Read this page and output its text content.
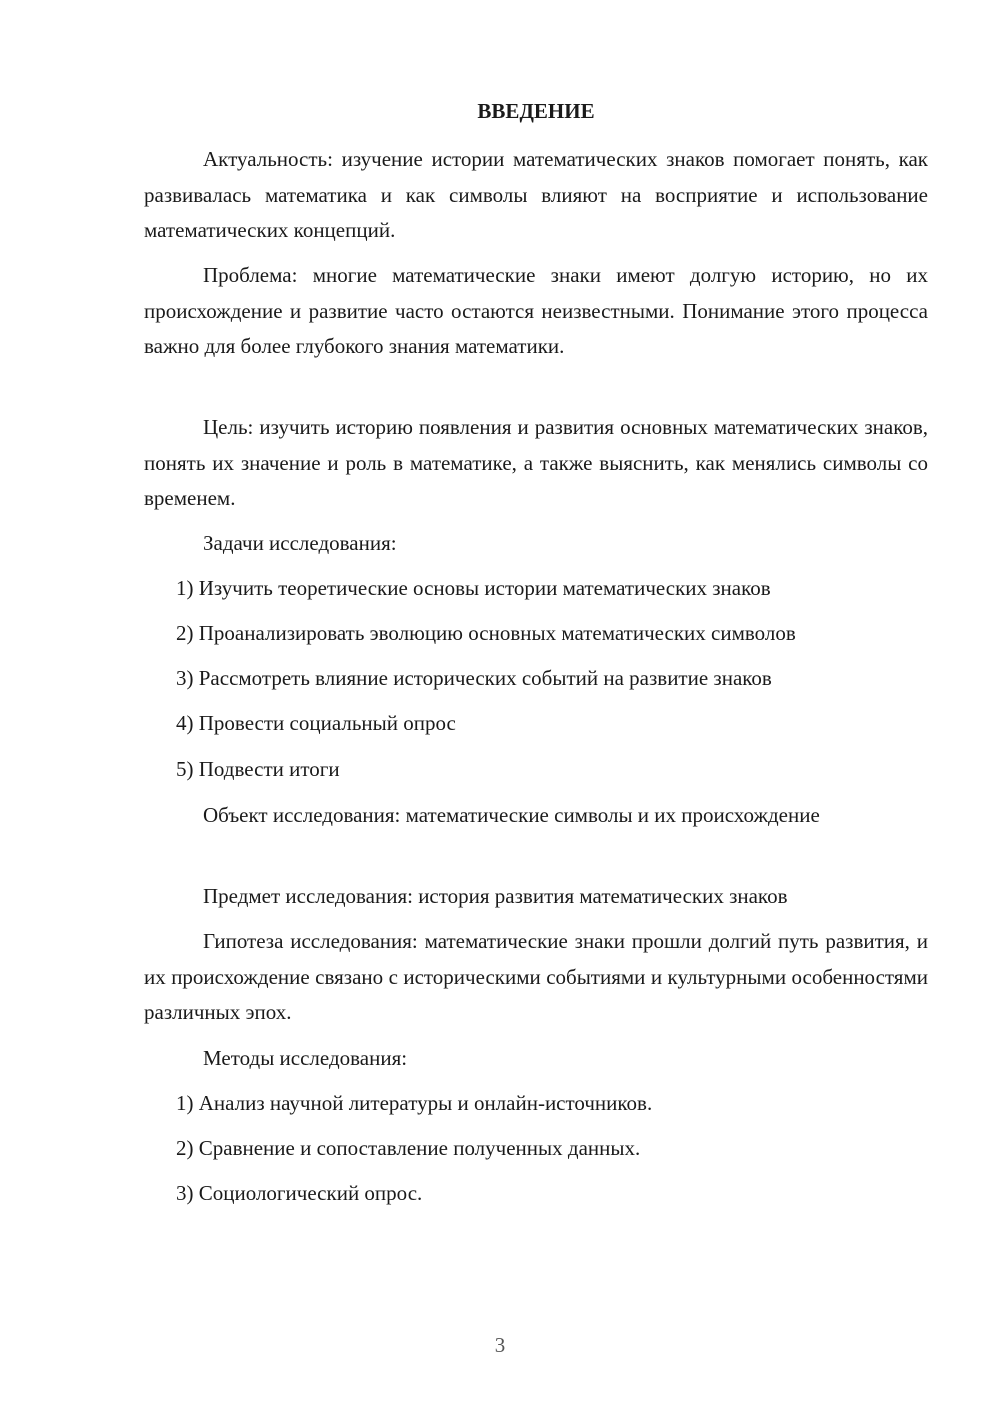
ВВЕДЕНИЕ

Актуальность: изучение истории математических знаков помогает понять, как развивалась математика и как символы влияют на восприятие и использование математических концепций.

Проблема: многие математические знаки имеют долгую историю, но их происхождение и развитие часто остаются неизвестными. Понимание этого процесса важно для более глубокого знания математики.

Цель: изучить историю появления и развития основных математических знаков, понять их значение и роль в математике, а также выяснить, как менялись символы со временем.

Задачи исследования:

1) Изучить теоретические основы истории математических знаков

2) Проанализировать эволюцию основных математических символов

3) Рассмотреть влияние исторических событий на развитие знаков

4) Провести социальный опрос

5) Подвести итоги

Объект исследования: математические символы и их происхождение

Предмет исследования: история развития математических знаков

Гипотеза исследования: математические знаки прошли долгий путь развития, и их происхождение связано с историческими событиями и культурными особенностями различных эпох.

Методы исследования:

1) Анализ научной литературы и онлайн-источников.

2) Сравнение и сопоставление полученных данных.

3) Социологический опрос.

3
